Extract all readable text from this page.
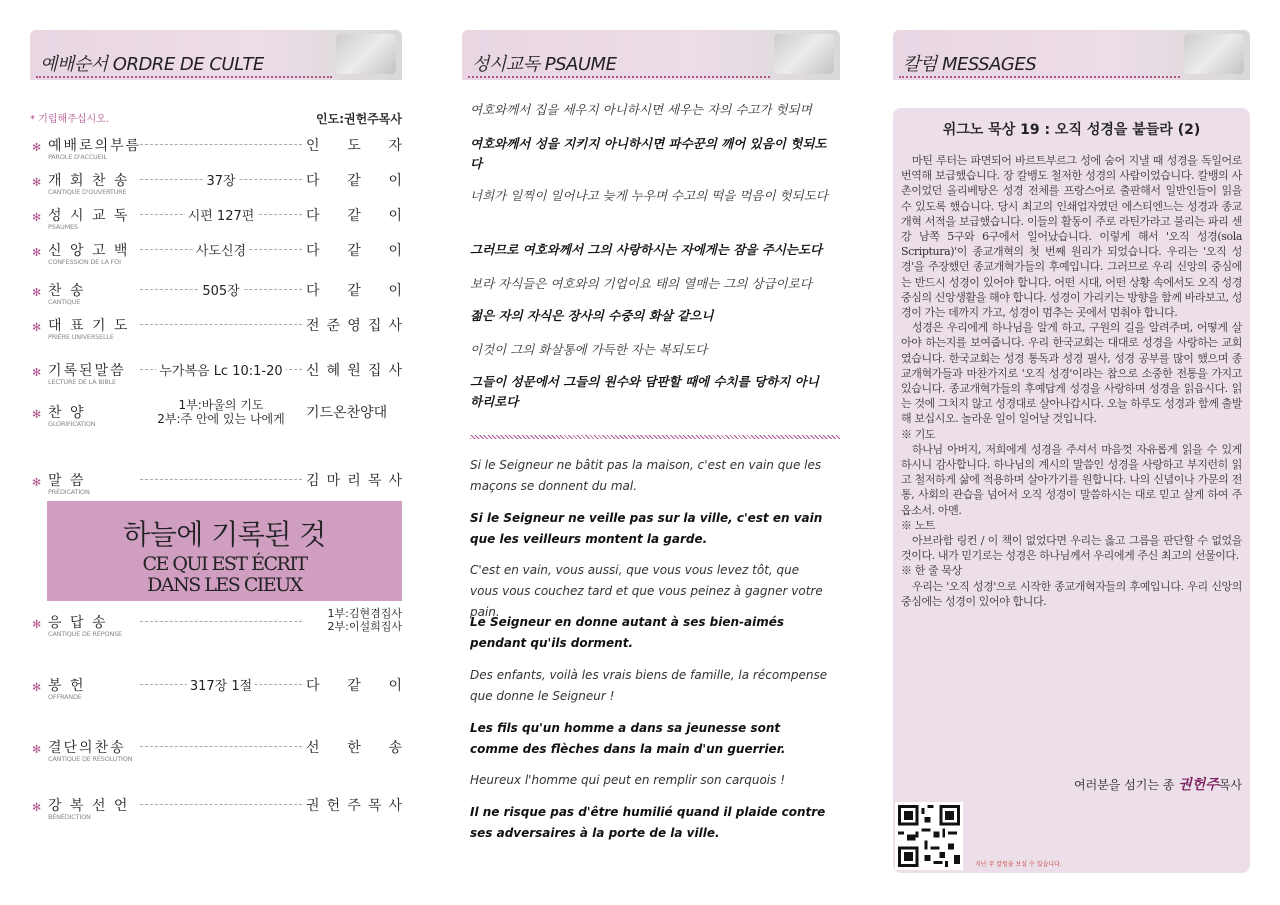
예배순서 ORDRE DE CULTE
* 기립해주십시오.	인도:권헌주목사
✻ 예배로의부름
PAROLE D'ACCUEIL
인 도 자
✻ 개 회 찬 송
CANTIQUE D'OUVERTURE
37장	다 같 이
✻ 성 시 교 독
PSAUMES
시편 127편	다 같 이
✻ 신 앙 고 백
CONFESSION DE LA FOI
사도신경	다 같 이
✻ 찬 송
CANTIQUE
505장	다 같 이
✻ 대 표 기 도
PRIÈRE UNIVERSELLE
전 준 영 집 사
✻ 기록된말씀
LECTURE DE LA BIBLE
누가복음 Lc 10:1-20	신 혜 원 집 사
✻ 찬 양
GLORIFICATION
1부:바울의 기도
2부:주 안에 있는 나에게	기드온찬양대
✻ 말 씀
PRÉDICATION
김 마 리 목 사
✻ 응 답 송
CANTIQUE DE RÉPONSE
1부:김현겸집사
2부:이설희집사
✻ 봉 헌
OFFRANDE
317장 1절	다 같 이
✻ 결단의찬송
CANTIQUE DE RÉSOLUTION
선 한 송
✻ 강 복 선 언
BÉNÉDICTION
권 헌 주 목 사
하늘에 기록된 것
CE QUI EST ÉCRIT
DANS LES CIEUX
성시교독 PSAUME
여호와께서 집을 세우지 아니하시면 세우는 자의 수고가 헛되며
여호와께서 성을 지키지 아니하시면 파수꾼의 깨어 있음이 헛되도다
너희가 일찍이 일어나고 늦게 누우며 수고의 떡을 먹음이 헛되도다
그러므로 여호와께서 그의 사랑하시는 자에게는 잠을 주시는도다
보라 자식들은 여호와의 기업이요 태의 열매는 그의 상급이로다
젊은 자의 자식은 장사의 수중의 화살 같으니
이것이 그의 화살통에 가득한 자는 복되도다
그들이 성문에서 그들의 원수와 담판할 때에 수치를 당하지 아니하리로다
Si le Seigneur ne bâtit pas la maison, c'est en vain que les maçons se donnent du mal.
Si le Seigneur ne veille pas sur la ville, c'est en vain que les veilleurs montent la garde.
C'est en vain, vous aussi, que vous vous levez tôt, que vous vous couchez tard et que vous peinez à gagner votre pain.
Le Seigneur en donne autant à ses bien-aimés pendant qu'ils dorment.
Des enfants, voilà les vrais biens de famille, la récompense que donne le Seigneur !
Les fils qu'un homme a dans sa jeunesse sont comme des flèches dans la main d'un guerrier.
Heureux l'homme qui peut en remplir son carquois !
Il ne risque pas d'être humilié quand il plaide contre ses adversaires à la porte de la ville.
칼럼 MESSAGES
위그노 묵상 19 : 오직 성경을 붙들라 (2)

마틴 루터는 파면되어 바르트부르그 성에 숨어 지낼 때 성경을 독일어로 번역해 보급했습니다. 장 칼뱅도 철저한 성경의 사람이었습니다. 칼뱅의 사촌이었던 올리베탕은 성경 전체를 프랑스어로 출판해서 일반인들이 읽을 수 있도록 했습니다. 당시 최고의 인쇄업자였던 에스티엔느는 성경과 종교개혁 서적을 보급했습니다. 이들의 활동이 주로 라틴가라고 불리는 파리 센강 남쪽 5구와 6구에서 일어났습니다. 이렇게 해서 '오직 성경(sola Scriptura)'이 종교개혁의 첫 번째 원리가 되었습니다. 우리는 '오직 성경'을 주장했던 종교개혁가들의 후예입니다. 그러므로 우리 신앙의 중심에는 반드시 성경이 있어야 합니다. 어떤 시대, 어떤 상황 속에서도 오직 성경 중심의 신앙생활을 해야 합니다. 성경이 가리키는 방향을 함께 바라보고, 성경이 가는 데까지 가고, 성경이 멈추는 곳에서 멈춰야 합니다.

성경은 우리에게 하나님을 알게 하고, 구원의 길을 알려주며, 어떻게 살아야 하는지를 보여줍니다. 우리 한국교회는 대대로 성경을 사랑하는 교회였습니다. 한국교회는 성경 통독과 성경 필사, 성경 공부를 많이 했으며 종교개혁가들과 마찬가지로 '오직 성경'이라는 참으로 소중한 전통을 가지고 있습니다. 종교개혁가들의 후예답게 성경을 사랑하며 성경을 읽읍시다. 읽는 것에 그치지 않고 성경대로 살아나갑시다. 오늘 하루도 성경과 함께 출발해 보십시오. 놀라운 일이 일어날 것입니다.

※ 기도

하나님 아버지, 저희에게 성경을 주셔서 마음껏 자유롭게 읽을 수 있게 하시니 감사합니다. 하나님의 계시의 말씀인 성경을 사랑하고 부지런히 읽고 철저하게 삶에 적용하며 살아가기를 원합니다. 나의 신념이나 가문의 전통, 사회의 관습을 넘어서 오직 성경이 말씀하시는 대로 믿고 살게 하여 주옵소서. 아멘.

※ 노트

아브라함 링컨 / 이 책이 없었다면 우리는 옳고 그름을 판단할 수 없었을 것이다. 내가 믿기로는 성경은 하나님께서 우리에게 주신 최고의 선물이다.

※ 한 줄 묵상

우리는 '오직 성경'으로 시작한 종교개혁자들의 후예입니다. 우리 신앙의 중심에는 성경이 있어야 합니다.

여러분을 섬기는 종 권헌주목사
지난 주 칼럼을 보실 수 있습니다.
